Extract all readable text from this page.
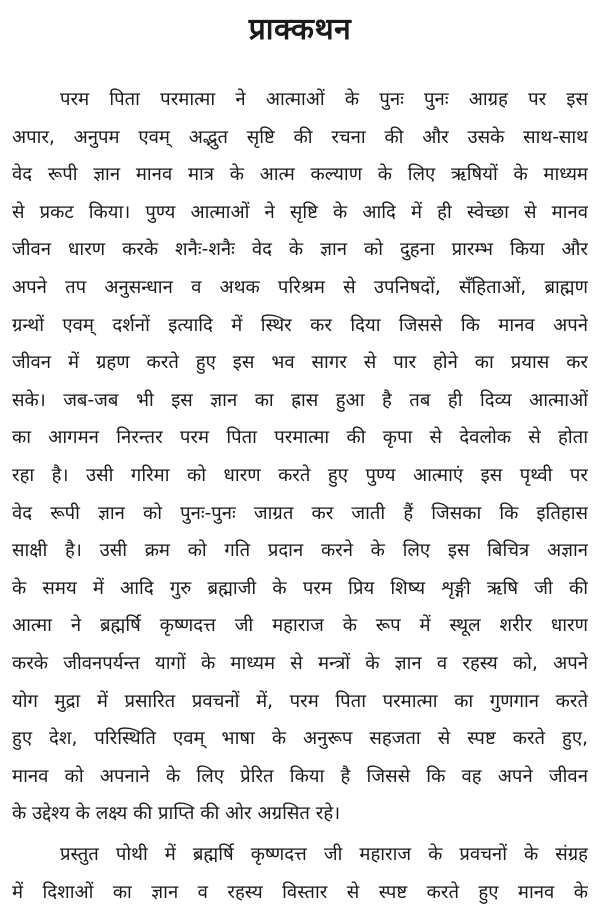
प्राक्कथन

परम पिता परमात्मा ने आत्माओं के पुनः पुनः आग्रह पर इस
अपार, अनुपम एवम् अद्भुत सृष्टि की रचना की और उसके साथ-साथ
वेद रूपी ज्ञान मानव मात्र के आत्म कल्याण के लिए ऋषियों के माध्यम
से प्रकट किया। पुण्य आत्माओं ने सृष्टि के आदि में ही स्वेच्छा से मानव
जीवन धारण करके शनैः-शनैः वेद के ज्ञान को दुहना प्रारम्भ किया और
अपने तप अनुसन्धान व अथक परिश्रम से उपनिषदों, सँहिताओं, ब्राह्मण
ग्रन्थों एवम् दर्शनों इत्यादि में स्थिर कर दिया जिससे कि मानव अपने
जीवन में ग्रहण करते हुए इस भव सागर से पार होने का प्रयास कर
सके। जब-जब भी इस ज्ञान का ह्रास हुआ है तब ही दिव्य आत्माओं
का आगमन निरन्तर परम पिता परमात्मा की कृपा से देवलोक से होता
रहा है। उसी गरिमा को धारण करते हुए पुण्य आत्माएं इस पृथ्वी पर
वेद रूपी ज्ञान को पुनः-पुनः जाग्रत कर जाती हैं जिसका कि इतिहास
साक्षी है। उसी क्रम को गति प्रदान करने के लिए इस बिचित्र अज्ञान
के समय में आदि गुरु ब्रह्माजी के परम प्रिय शिष्य शृङ्गी ऋषि जी की
आत्मा ने ब्रह्मर्षि कृष्णदत्त जी महाराज के रूप में स्थूल शरीर धारण
करके जीवनपर्यन्त यागों के माध्यम से मन्त्रों के ज्ञान व रहस्य को, अपने
योग मुद्रा में प्रसारित प्रवचनों में, परम पिता परमात्मा का गुणगान करते
हुए देश, परिस्थिति एवम् भाषा के अनुरूप सहजता से स्पष्ट करते हुए,
मानव को अपनाने के लिए प्रेरित किया है जिससे कि वह अपने जीवन
के उद्देश्य के लक्ष्य की प्राप्ति की ओर अग्रसित रहे।

प्रस्तुत पोथी में ब्रह्मर्षि कृष्णदत्त जी महाराज के प्रवचनों के संग्रह
में दिशाओं का ज्ञान व रहस्य विस्तार से स्पष्ट करते हुए मानव के
